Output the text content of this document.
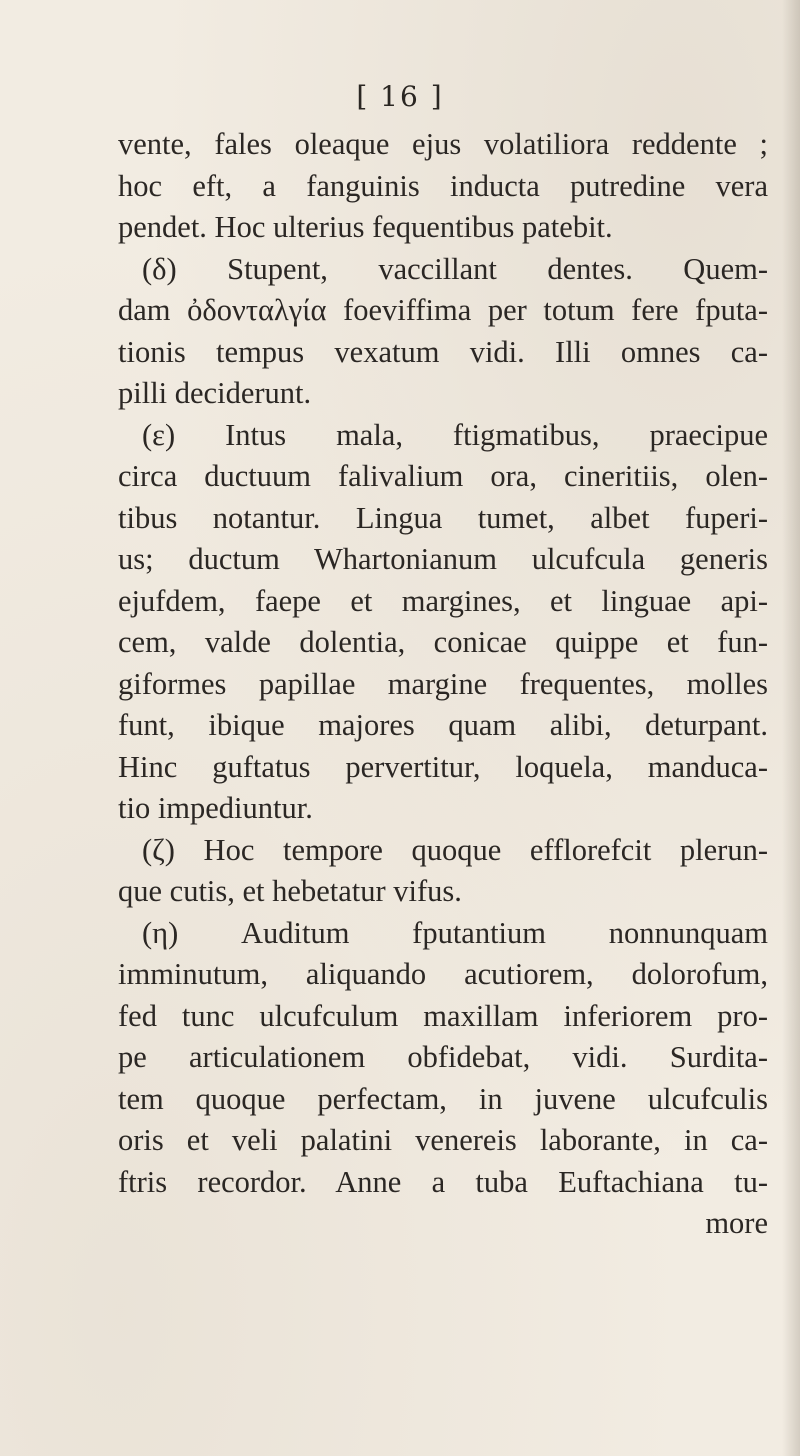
[ 16 ]
vente, fales oleaque ejus volatiliora reddente ;
hoc eft, a fanguinis inducta putredine vera
pendet. Hoc ulterius fequentibus patebit.
(δ) Stupent, vaccillant dentes. Quem-
dam ὀδονταλγία foeviffima per totum fere fputa-
tionis tempus vexatum vidi. Illi omnes ca-
pilli deciderunt.
(ε) Intus mala, ftigmatibus, praecipue
circa ductuum falivalium ora, cineritiis, olen-
tibus notantur. Lingua tumet, albet fuperi-
us; ductum Whartonianum ulcufcula generis
ejufdem, faepe et margines, et linguae api-
cem, valde dolentia, conicae quippe et fun-
giformes papillae margine frequentes, molles
funt, ibique majores quam alibi, deturpant.
Hinc guftatus pervertitur, loquela, manduca-
tio impediuntur.
(ζ) Hoc tempore quoque efflorefcit plerun-
que cutis, et hebetatur vifus.
(η) Auditum fputantium nonnunquam
imminutum, aliquando acutiorem, dolorofum,
fed tunc ulcufculum maxillam inferiorem pro-
pe articulationem obfidebat, vidi. Surdita-
tem quoque perfectam, in juvene ulcufculis
oris et veli palatini venereis laborante, in ca-
ftris recordor. Anne a tuba Euftachiana tu-
more
